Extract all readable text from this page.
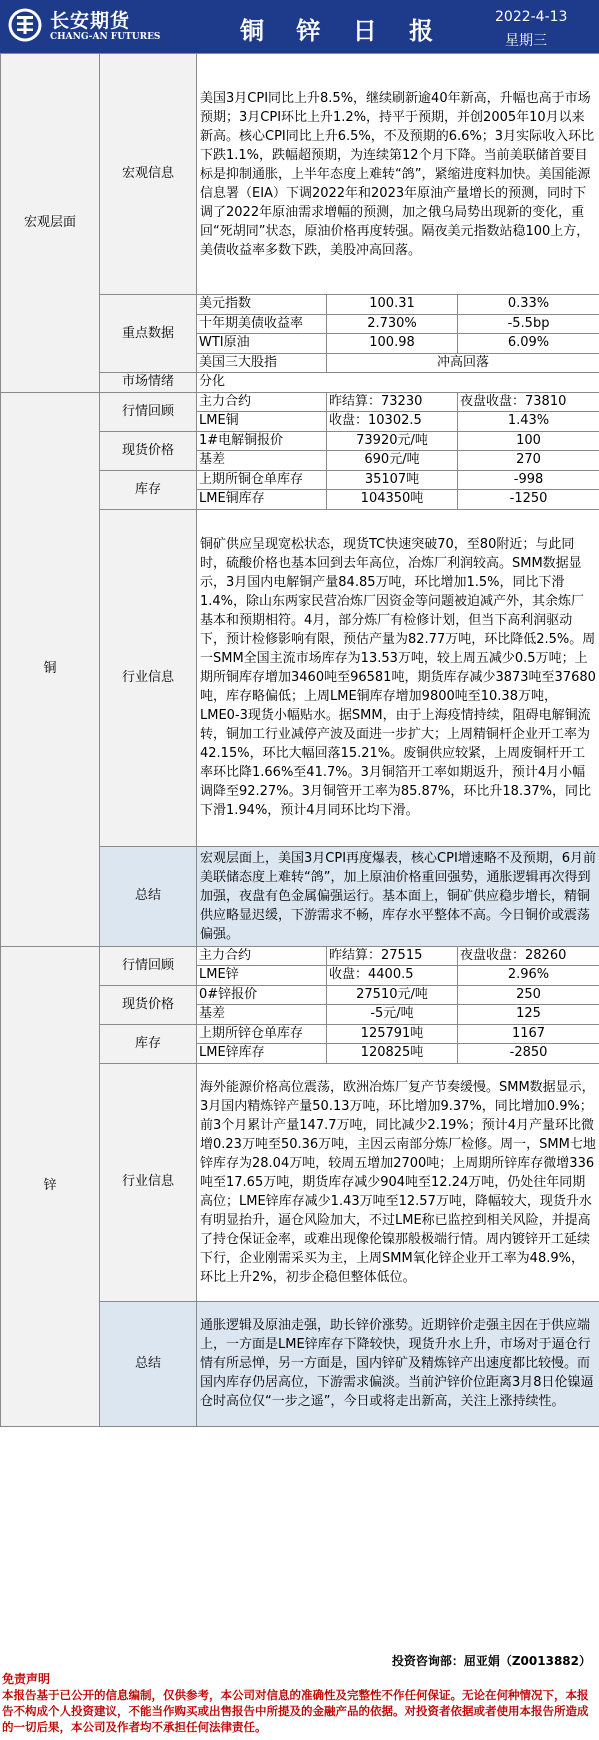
长安期货
CHANG-AN FUTURES	铜 锌 日 报	2022-4-13
星期三
宏观层面	宏观信息	美国3月CPI同比上升8.5%，继续刷新逾40年新高，升幅也高于市场预期；3月CPI环比上升1.2%，持平于预期，并创2005年10月以来新高。核心CPI同比上升6.5%，不及预期的6.6%；3月实际收入环比下跌1.1%，跌幅超预期，为连续第12个月下降。当前美联储首要目标是抑制通胀，上半年态度上难转“鸽”，紧缩进度料加快。美国能源信息署（EIA）下调2022年和2023年原油产量增长的预测，同时下调了2022年原油需求增幅的预测，加之俄乌局势出现新的变化，重回“死胡同”状态，原油价格再度转强。隔夜美元指数站稳100上方，美债收益率多数下跌，美股冲高回落。		
	重点数据	美元指数	100.31	0.33%
		十年期美债收益率	2.730%	-5.5bp
		WTI原油	100.98	6.09%
		美国三大股指	冲高回落	
	市场情绪	分化		
铜	行情回顾	主力合约	昨结算：73230	夜盘收盘：73810
		LME铜	收盘：10302.5	1.43%
	现货价格	1#电解铜报价	73920元/吨	100
		基差	690元/吨	270
	库存	上期所铜仓单库存	35107吨	-998
		LME铜库存	104350吨	-1250
	行业信息	铜矿供应呈现宽松状态，现货TC快速突破70，至80附近；与此同时，硫酸价格也基本回到去年高位，冶炼厂利润较高。SMM数据显示，3月国内电解铜产量84.85万吨，环比增加1.5%，同比下滑1.4%，除山东两家民营冶炼厂因资金等问题被迫减产外，其余炼厂基本和预期相符。4月，部分炼厂有检修计划，但当下高利润驱动下，预计检修影响有限，预估产量为82.77万吨，环比降低2.5%。周一SMM全国主流市场库存为13.53万吨，较上周五减少0.5万吨；上期所铜库存增加3460吨至96581吨，期货库存减少3873吨至37680吨，库存略偏低；上周LME铜库存增加9800吨至10.38万吨，LME0-3现货小幅贴水。据SMM，由于上海疫情持续，阻碍电解铜流转，铜加工行业减停产波及面进一步扩大；上周精铜杆企业开工率为42.15%，环比大幅回落15.21%。废铜供应较紧，上周废铜杆开工率环比降1.66%至41.7%。3月铜箔开工率如期返升，预计4月小幅调降至92.27%。3月铜管开工率为85.87%，环比升18.37%，同比下滑1.94%，预计4月同环比均下滑。		
	总结	宏观层面上，美国3月CPI再度爆表，核心CPI增速略不及预期，6月前美联储态度上难转“鸽”，加上原油价格重回强势，通胀逻辑再次得到加强，夜盘有色金属偏强运行。基本面上，铜矿供应稳步增长，精铜供应略显迟缓，下游需求不畅，库存水平整体不高。今日铜价或震荡偏强。		
锌	行情回顾	主力合约	昨结算：27515	夜盘收盘：28260
		LME锌	收盘：4400.5	2.96%
	现货价格	0#锌报价	27510元/吨	250
		基差	-5元/吨	125
	库存	上期所锌仓单库存	125791吨	1167
		LME锌库存	120825吨	-2850
	行业信息	海外能源价格高位震荡，欧洲冶炼厂复产节奏缓慢。SMM数据显示，3月国内精炼锌产量50.13万吨，环比增加9.37%，同比增加0.9%；前3个月累计产量147.7万吨，同比减少2.19%；预计4月产量环比微增0.23万吨至50.36万吨，主因云南部分炼厂检修。周一，SMM七地锌库存为28.04万吨，较周五增加2700吨；上周期所锌库存微增336吨至17.65万吨，期货库存减少904吨至12.24万吨，仍处往年同期高位；LME锌库存减少1.43万吨至12.57万吨，降幅较大，现货升水有明显抬升，逼仓风险加大，不过LME称已监控到相关风险，并提高了持仓保证金率，或难出现像伦镍那般极端行情。周内镀锌开工延续下行，企业刚需采买为主，上周SMM氧化锌企业开工率为48.9%，环比上升2%，初步企稳但整体低位。		
	总结	通胀逻辑及原油走强，助长锌价涨势。近期锌价走强主因在于供应端上，一方面是LME锌库存下降较快，现货升水上升，市场对于逼仓行情有所忌惮，另一方面是，国内锌矿及精炼锌产出速度都比较慢。而国内库存仍居高位，下游需求偏淡。当前沪锌价位距离3月8日伦镍逼仓时高位仅“一步之遥”，今日或将走出新高，关注上涨持续性。		
投资咨询部：屈亚娟（Z0013882）
免责声明
本报告基于已公开的信息编制，仅供参考，本公司对信息的准确性及完整性不作任何保证。无论在何种情况下，本报告不构成个人投资建议，不能当作购买或出售报告中所提及的金融产品的依据。对投资者依据或者使用本报告所造成的一切后果，本公司及作者均不承担任何法律责任。
